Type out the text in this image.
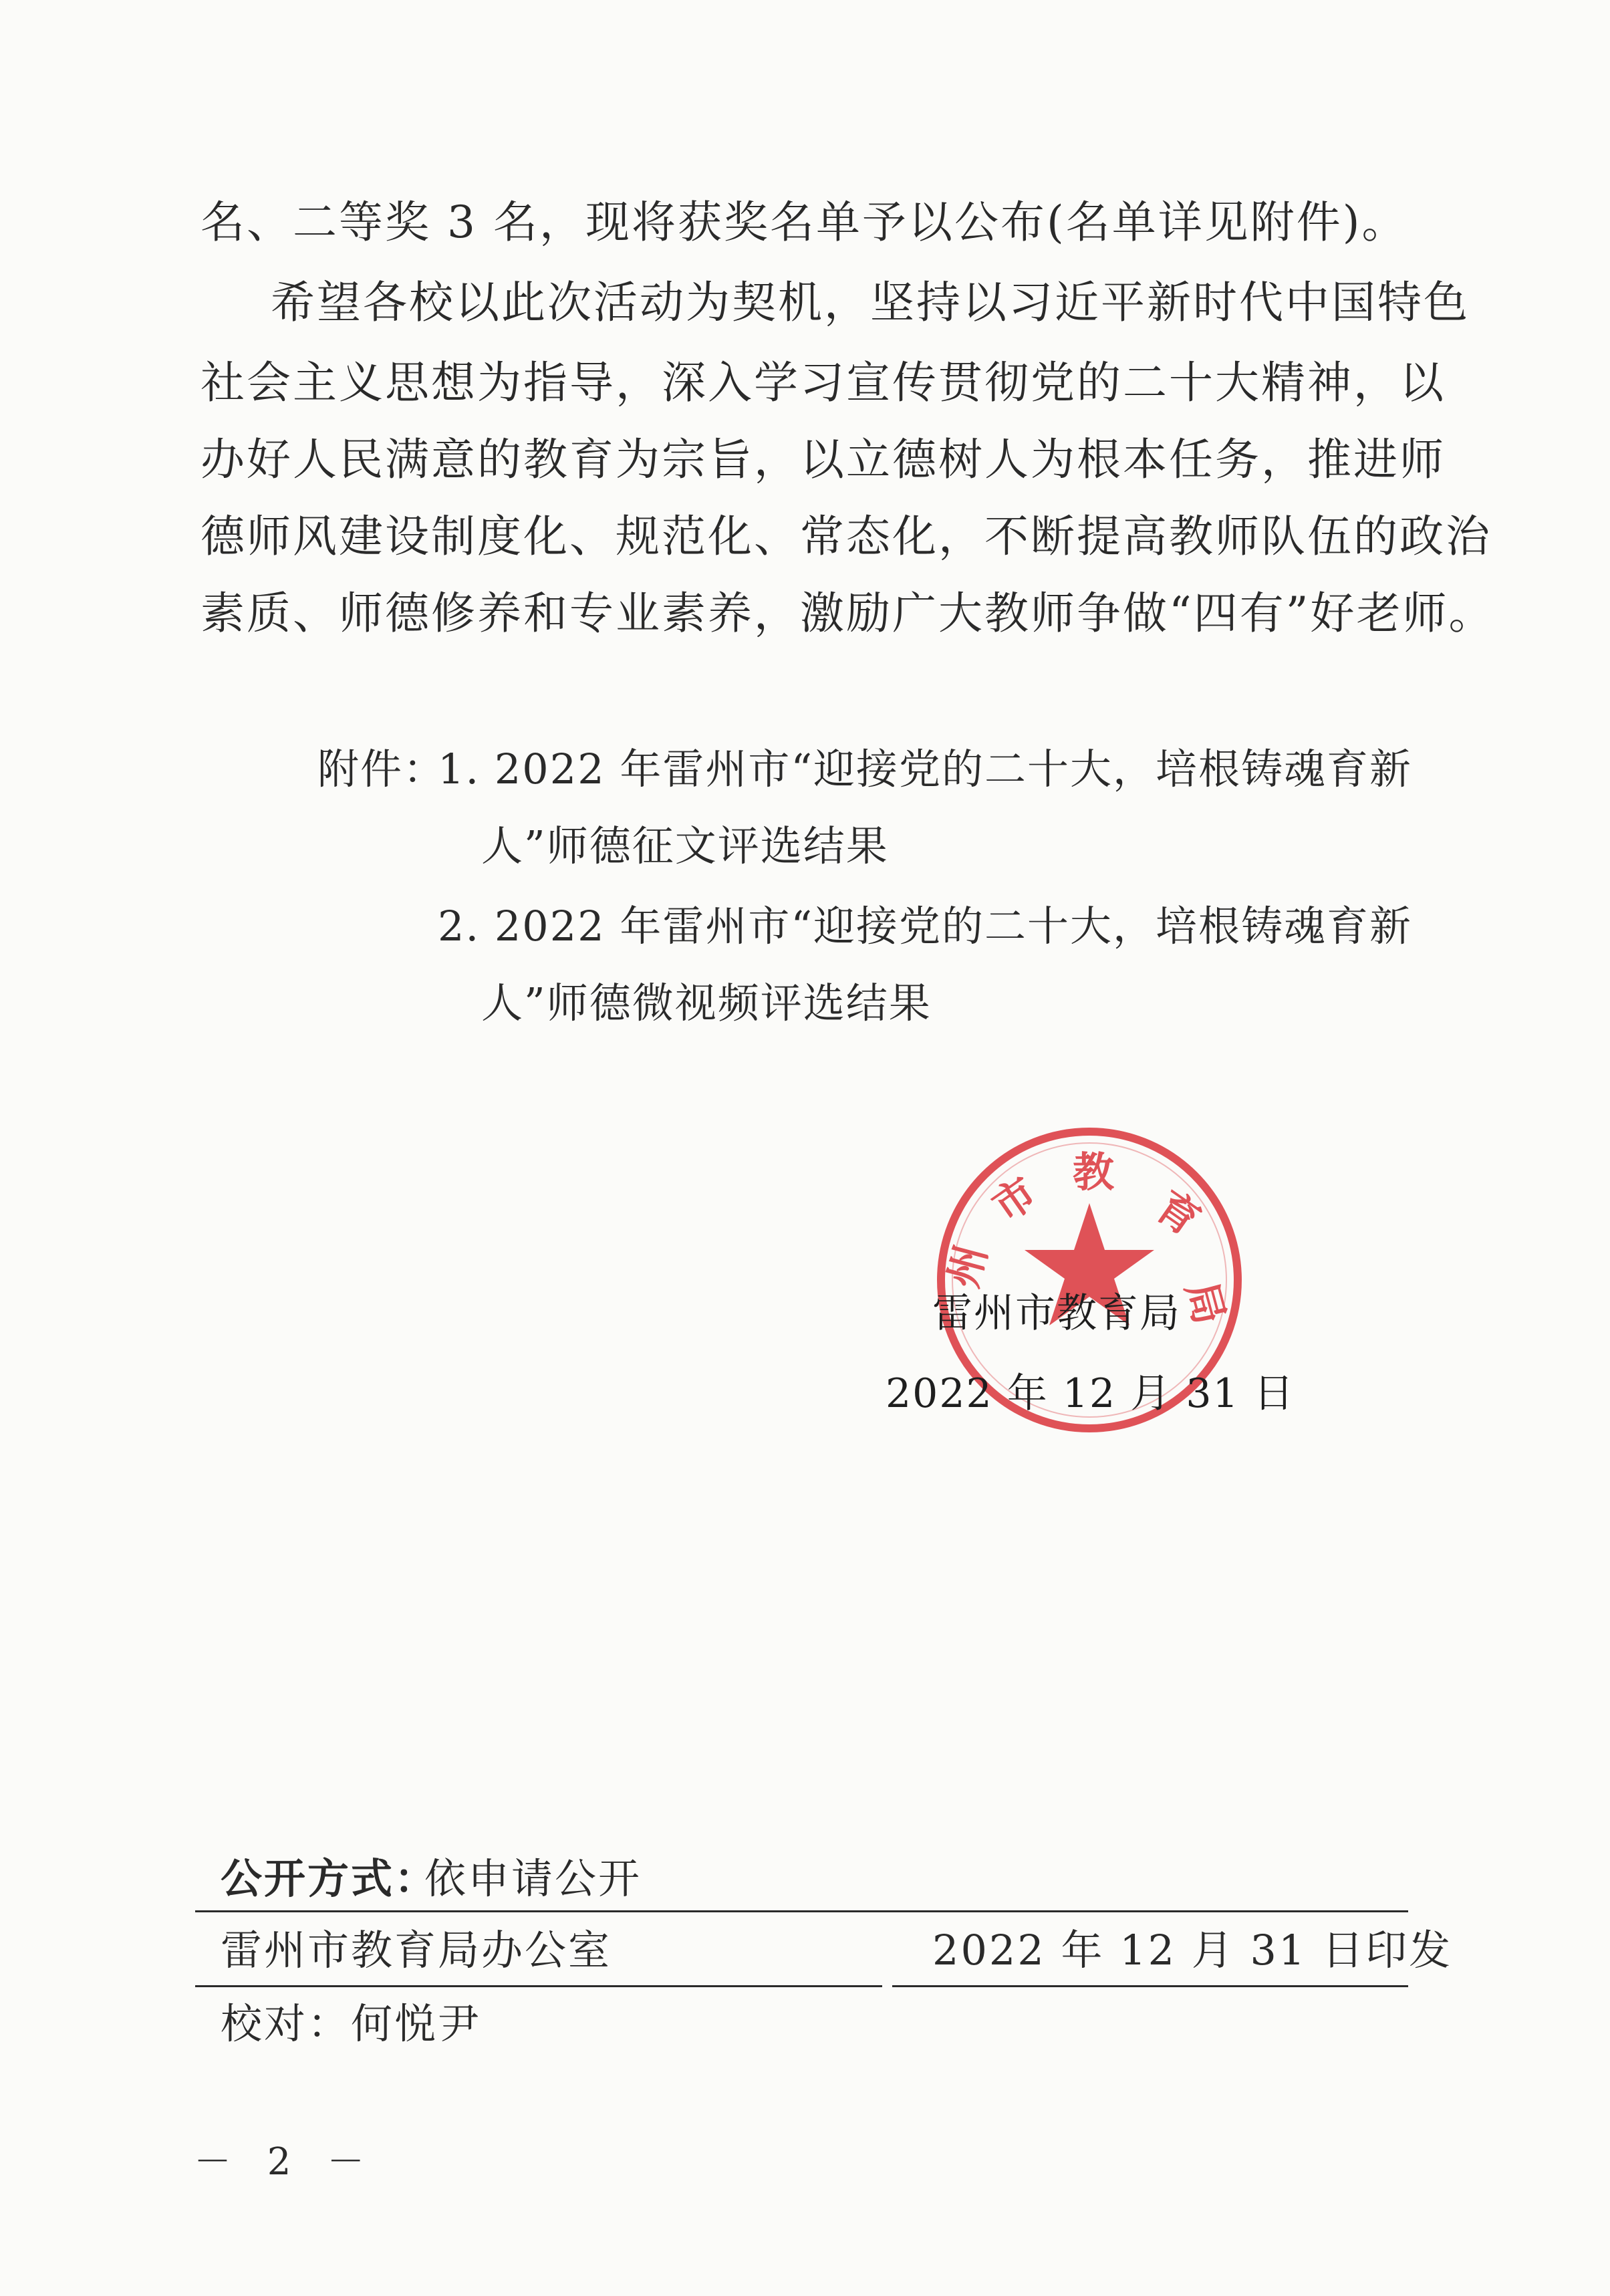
名、二等奖 3 名，现将获奖名单予以公布(名单详见附件)。
希望各校以此次活动为契机，坚持以习近平新时代中国特色
社会主义思想为指导，深入学习宣传贯彻党的二十大精神，以
办好人民满意的教育为宗旨，以立德树人为根本任务，推进师
德师风建设制度化、规范化、常态化，不断提高教师队伍的政治
素质、师德修养和专业素养，激励广大教师争做“四有”好老师。
附件：
1. 2022 年雷州市“迎接党的二十大，培根铸魂育新
人”师德征文评选结果
2. 2022 年雷州市“迎接党的二十大，培根铸魂育新
人”师德微视频评选结果
市 教
育
局
州
雷州市教育局
2022 年 12 月 31 日
公开方式：
依申请公开
雷州市教育局办公室	2022 年 12 月 31 日印发
校对：何悦尹
－ 2 －
